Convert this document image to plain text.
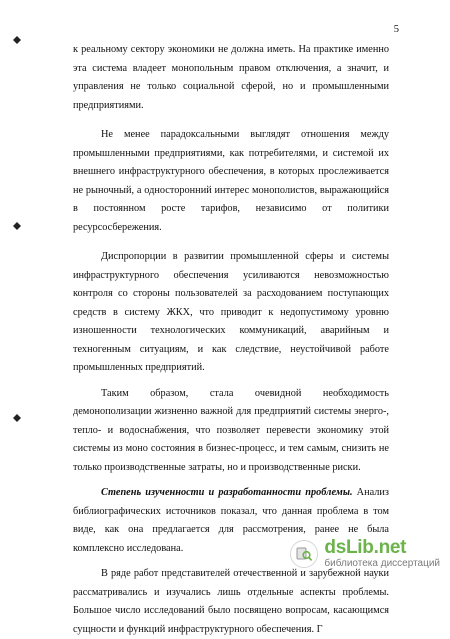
5

к реальному сектору экономики не должна иметь. На практике именно эта система владеет монопольным правом отключения, а значит, и управления не только социальной сферой, но и промышленными предприятиями.

Не менее парадоксальными выглядят отношения между промышленными предприятиями, как потребителями, и системой их внешнего инфраструктурного обеспечения, в которых прослеживается не рыночный, а односторонний интерес монополистов, выражающийся в постоянном росте тарифов, независимо от политики ресурсосбережения.

Диспропорции в развитии промышленной сферы и системы инфраструктурного обеспечения усиливаются невозможностью контроля со стороны пользователей за расходованием поступающих средств в систему ЖКХ, что приводит к недопустимому уровню изношенности технологических коммуникаций, аварийным и техногенным ситуациям, и как следствие, неустойчивой работе промышленных предприятий.

Таким образом, стала очевидной необходимость демонополизации жизненно важной для предприятий системы энерго-, тепло- и водоснабжения, что позволяет перевести экономику этой системы из моно состояния в бизнес-процесс, и тем самым, снизить не только производственные затраты, но и производственные риски.

Степень изученности и разработанности проблемы. Анализ библиографических источников показал, что данная проблема в том виде, как она предлагается для рассмотрения, ранее не была комплексно исследована.

В ряде работ представителей отечественной и зарубежной науки рассматривались и изучались лишь отдельные аспекты проблемы. Большое число исследований было посвящено вопросам, касающимся сущности и функций инфраструктурного обеспечения. Г

dsLib.net
библиотека диссертаций
